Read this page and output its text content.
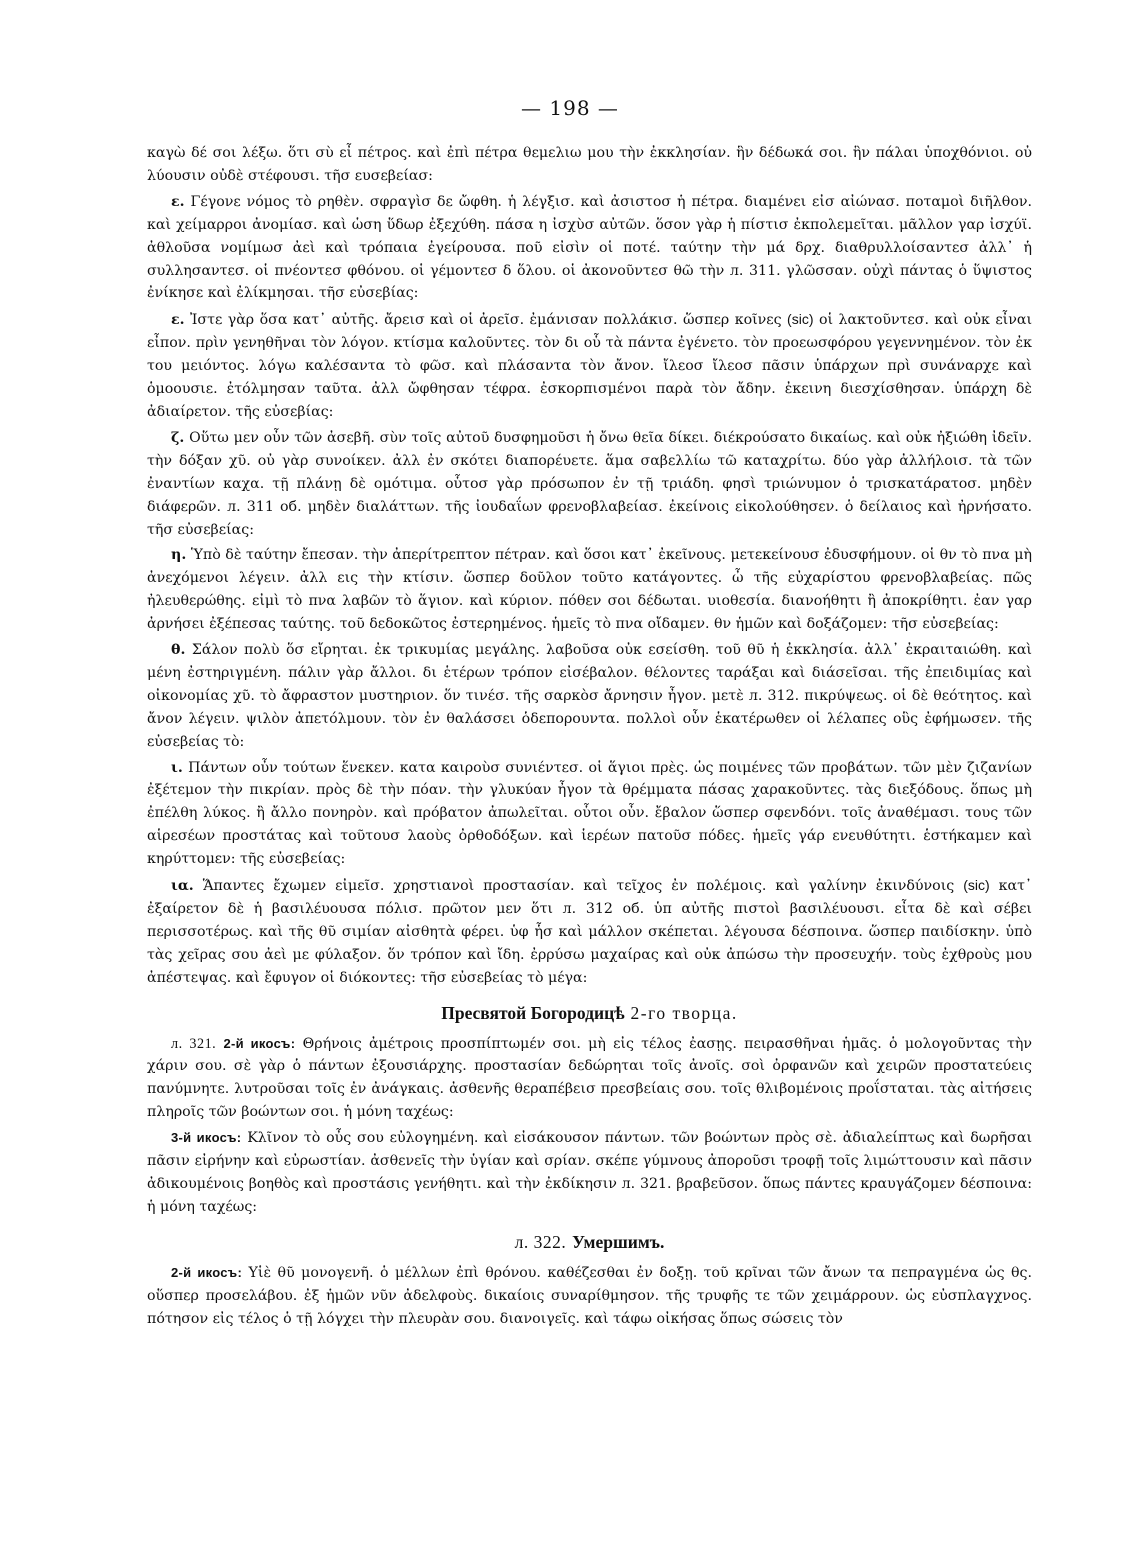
— 198 —

καγὼ δέ σοι λέξω. ὅτι σὺ εἶ πέτρος. καὶ ἐπὶ πέτρα θεμελιω μου τὴν ἐκκλησίαν. ἣν δέδωκά σοι. ἣν πάλαι ὑποχθόνιοι. οὐ λύουσιν οὐδὲ στέφουσι. τῆσ ευσεβείασ:

ε. Γέγονε νόμος τὸ ρηθὲν. σφραγὶσ δε ὤφθη. ἡ λέγξισ. καὶ ἀσιστοσ ἡ πέτρα. διαμένει εἰσ αἰώνασ. ποταμοὶ διῆλθον. καὶ χείμαρροι ἀνομίασ. καὶ ὡση ὕδωρ ἐξεχύθη. πάσα η ἰσχὺσ αὐτῶν. ὅσον γὰρ ἡ πίστισ ἐκπολεμεῖται. μᾶλλον γαρ ἰσχύϊ. ἀθλοῦσα νομίμωσ ἀεὶ καὶ τρόπαια ἐγείρουσα. ποῦ εἰσὶν οἱ ποτέ. ταύτην τὴν μά δρχ. διαθρυλλοίσαντεσ ἀλλ᾿ ἡ συλλησαντεσ. οἱ πνέοντεσ φθόνου. οἱ γέμοντεσ δ ὅλου. οἱ ἀκονοῦντεσ θῶ τὴν л. 311. γλῶσσαν. οὐχὶ πάντας ὁ ὕψιστος ἐνίκησε καὶ ἐλίκμησαι. τῆσ εὐσεβίας:

ε. Ἰστε γὰρ ὅσα κατ᾿ αὐτῆς. ἄρεισ καὶ οἱ ἀρεῖσ. ἐμάνισαν πολλάκισ. ὥσπερ κοῖνες (sic) οἱ λακτοῦντεσ. καὶ οὐκ εἶναι εἶπον. πρὶν γενηθῆναι τὸν λόγον. κτίσμα καλοῦντες. τὸν δι οὗ τὰ πάντα ἐγένετο. τὸν προεωσφόρου γεγεννημένον. τὸν ἐκ του μειόντος. λόγω καλέσαντα τὸ φῶσ. καὶ πλάσαντα τὸν ἄνον. ἴλεοσ ἴλεοσ πᾶσιν ὑπάρχων πρὶ συνάναρχε καὶ ὁμοουσιε. ἐτόλμησαν ταῦτα. ἀλλ ὤφθησαν τέφρα. ἐσκορπισμένοι παρὰ τὸν ἄδην. ἐκεινη διεσχίσθησαν. ὑπάρχη δὲ ἀδιαίρετον. τῆς εὐσεβίας:

ζ. Οὕτω μεν οὖν τῶν ἀσεβῆ. σὺν τοῖς αὐτοῦ δυσφημοῦσι ἡ ὄνω θεῖα δίκει. διέκρούσατο δικαίως. καὶ οὐκ ἠξιώθη ἰδεῖν. τὴν δόξαν χῦ. οὐ γὰρ συνοίκεν. ἀλλ ἐν σκότει διαπορέυετε. ἅμα σαβελλίω τῶ καταχρίτω. δύο γὰρ ἀλλήλοισ. τὰ τῶν ἐναντίων καχα. τῇ πλάνῃ δὲ ομότιμα. οὗτοσ γὰρ πρόσωπον ἐν τῇ τριάδη. φησὶ τριώνυμον ὁ τρισκατάρατοσ. μηδὲν διάφερῶν. л. 311 об. μηδὲν διαλάττων. τῆς ἰουδαΐων φρενοβλαβείασ. ἐκείνοις εἰκολούθησεν. ὁ δείλαιος καὶ ἠρνήσατο. τῆσ εὐσεβείας:

η. Ὑπὸ δὲ ταύτην ἔπεσαν. τὴν ἀπερίτρεπτον πέτραν. καὶ ὅσοι κατ᾿ ἐκεῖνους. μετεκείνουσ ἐδυσφήμουν. οἱ θν τὸ πνα μὴ ἀνεχόμενοι λέγειν. ἀλλ εις τὴν κτίσιν. ὥσπερ δοῦλον τοῦτο κατάγοντες. ὦ τῆς εὐχαρίστου φρενοβλαβείας. πῶς ἠλευθερώθης. εἰμὶ τὸ πνα λαβῶν τὸ ἅγιον. καὶ κύριον. πόθεν σοι δέδωται. υιοθεσία. διανοήθητι ἢ ἀποκρίθητι. ἐαν γαρ ἀρνήσει ἐξέπεσας ταύτης. τοῦ δεδοκῶτος ἐστερημένος. ἡμεῖς τὸ πνα οἴδαμεν. θν ἡμῶν καὶ δοξάζομεν: τῆσ εὐσεβείας:

θ. Σάλον πολὺ ὅσ εἴρηται. ἐκ τρικυμίας μεγάλης. λαβοῦσα οὐκ εσείσθη. τοῦ θῦ ἡ ἐκκλησία. ἀλλ᾿ ἐκραιταιώθη. καὶ μένη ἐστηριγμένη. πάλιν γὰρ ἄλλοι. δι ἑτέρων τρόπον εἰσέβαλον. θέλοντες ταράξαι καὶ διάσεῖσαι. τῆς ἐπειδιμίας καὶ οἰκονομίας χῦ. τὸ ἄφραστον μυστηριον. ὅν τινέσ. τῆς σαρκὸσ ἄρνησιν ἦγον. μετὲ л. 312. πικρύψεως. οἱ δὲ θεότητος. καὶ ἄνον λέγειν. ψιλὸν ἀπετόλμουν. τὸν ἐν θαλάσσει ὁδεπορουντα. πολλοὶ οὖν ἑκατέρωθεν οἱ λέλαπες οὓς ἐφήμωσεν. τῆς εὐσεβείας τὸ:

ι. Πάντων οὖν τούτων ἕνεκεν. κατα καιροὺσ συνιέντεσ. οἱ ἅγιοι πρὲς. ὡς ποιμένες τῶν προβάτων. τῶν μὲν ζιζανίων ἐξέτεμον τὴν πικρίαν. πρὸς δὲ τὴν πόαν. τὴν γλυκύαν ἦγον τὰ θρέμματα πάσας χαρακοῦντες. τὰς διεξόδους. ὅπως μὴ ἐπέλθη λύκος. ἢ ἄλλο πονηρὸν. καὶ πρόβατον ἀπωλεῖται. οὗτοι οὖν. ἔβαλον ὥσπερ σφενδόνι. τοῖς ἀναθέμασι. τους τῶν αἱρεσέων προστάτας καὶ τοῦτουσ λαοὺς ὀρθοδόξων. καὶ ἱερέων πατοῦσ πόδες. ἡμεῖς γάρ ενευθύτητι. ἑστήκαμεν καὶ κηρύττομεν: τῆς εὐσεβείας:

ια. Ἅπαντες ἔχωμεν εἰμεῖσ. χρηστιανοὶ προστασίαν. καὶ τεῖχος ἐν πολέμοις. καὶ γαλίνην ἐκινδύνοις (sic) κατ᾿ ἐξαίρετον δὲ ἡ βασιλέυουσα πόλισ. πρῶτον μεν ὅτι л. 312 об. ὑπ αὐτῆς πιστοὶ βασιλέυουσι. εἶτα δὲ καὶ σέβει περισσοτέρως. καὶ τῆς θῦ σιμίαν αἰσθητὰ φέρει. ὑφ ἧσ καὶ μάλλον σκέπεται. λέγουσα δέσποινα. ὥσπερ παιδίσκην. ὑπὸ τὰς χεῖρας σου ἀεὶ με φύλαξον. ὅν τρόπον καὶ ἴδη. ἐρρύσω μαχαίρας καὶ οὐκ ἀπώσω τὴν προσευχήν. τοὺς ἐχθροὺς μου ἀπέστεψας. καὶ ἔφυγον οἱ διόκοντες: τῆσ εὐσεβείας τὸ μέγα:

Пресвятой Богородицѣ 2-го творца.

л. 321. 2-й икосъ: Θρήνοις ἀμέτροις προσπίπτωμέν σοι. μὴ εἰς τέλος ἐασῃς. πειρασθῆναι ἡμᾶς. ὁ μολογοῦντας τὴν χάριν σου. σὲ γὰρ ὁ πάντων ἐξουσιάρχης. προστασίαν δεδώρηται τοῖς ἀνοῖς. σοὶ ὀρφανῶν καὶ χειρῶν προστατεύεις πανύμνητε. λυτροῦσαι τοῖς ἐν ἀνάγκαις. ἀσθενῆς θεραπέβεισ πρεσβείαις σου. τοῖς θλιβομένοις προΐσταται. τὰς αἰτήσεις πληροῖς τῶν βοώντων σοι. ἡ μόνη ταχέως:

3-й икосъ: Κλῖνον τὸ οὖς σου εὐλογημένη. καὶ εἰσάκουσον πάντων. τῶν βοώντων πρὸς σὲ. ἀδιαλείπτως καὶ δωρῆσαι πᾶσιν εἰρήνην καὶ εὐρωστίαν. ἀσθενεῖς τὴν ὑγίαν καὶ σρίαν. σκέπε γύμνους ἀποροῦσι τροφῇ τοῖς λιμώττουσιν καὶ πᾶσιν ἀδικουμένοις βοηθὸς καὶ προστάσις γενήθητι. καὶ τὴν ἐκδίκησιν л. 321. βραβεῦσον. ὅπως πάντες κραυγάζομεν δέσποινα: ἡ μόνη ταχέως:

л. 322. Умершимъ.

2-й икосъ: Υἱὲ θῦ μονογενῆ. ὁ μέλλων ἐπὶ θρόνου. καθέζεσθαι ἐν δοξῃ. τοῦ κρῖναι τῶν ἄνων τα πεπραγμένα ὡς θς. οὕσπερ προσελάβου. ἐξ ἡμῶν νῦν ἀδελφοὺς. δικαίοις συναρίθμησον. τῆς τρυφῆς τε τῶν χειμάρρουν. ὡς εὐσπλαγχνος. πότησον εἰς τέλος ὁ τῇ λόγχει τὴν πλευρὰν σου. διανοιγεῖς. καὶ τάφω οἰκήσας ὅπως σώσεις τὸν
